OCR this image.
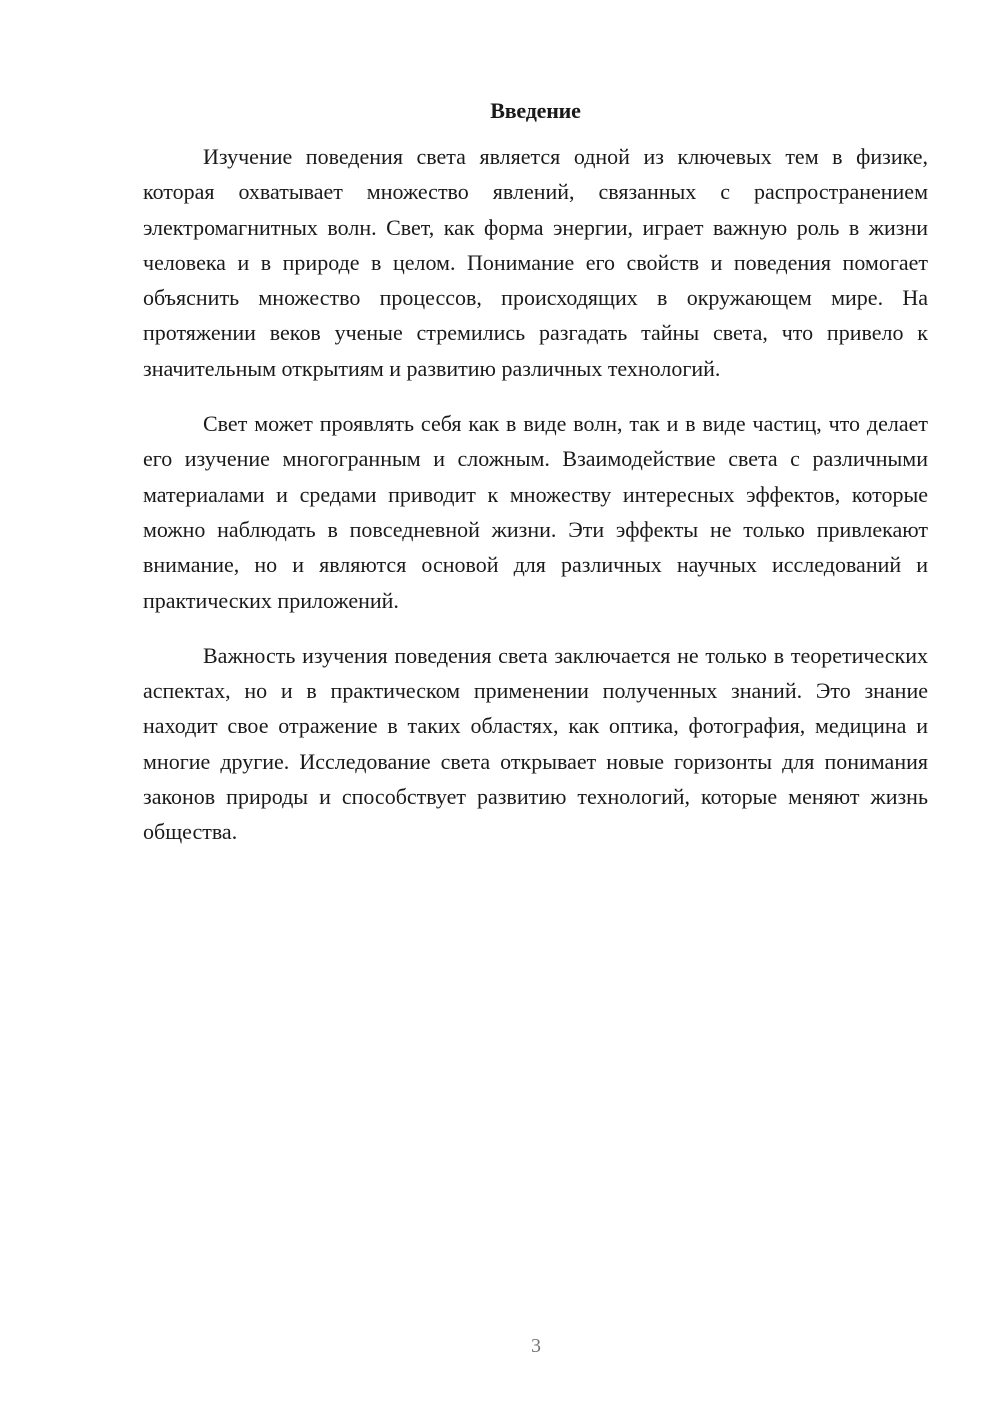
Введение

Изучение поведения света является одной из ключевых тем в физике, которая охватывает множество явлений, связанных с распространением электромагнитных волн. Свет, как форма энергии, играет важную роль в жизни человека и в природе в целом. Понимание его свойств и поведения помогает объяснить множество процессов, происходящих в окружающем мире. На протяжении веков ученые стремились разгадать тайны света, что привело к значительным открытиям и развитию различных технологий.

Свет может проявлять себя как в виде волн, так и в виде частиц, что делает его изучение многогранным и сложным. Взаимодействие света с различными материалами и средами приводит к множеству интересных эффектов, которые можно наблюдать в повседневной жизни. Эти эффекты не только привлекают внимание, но и являются основой для различных научных исследований и практических приложений.

Важность изучения поведения света заключается не только в теоретических аспектах, но и в практическом применении полученных знаний. Это знание находит свое отражение в таких областях, как оптика, фотография, медицина и многие другие. Исследование света открывает новые горизонты для понимания законов природы и способствует развитию технологий, которые меняют жизнь общества.

3
